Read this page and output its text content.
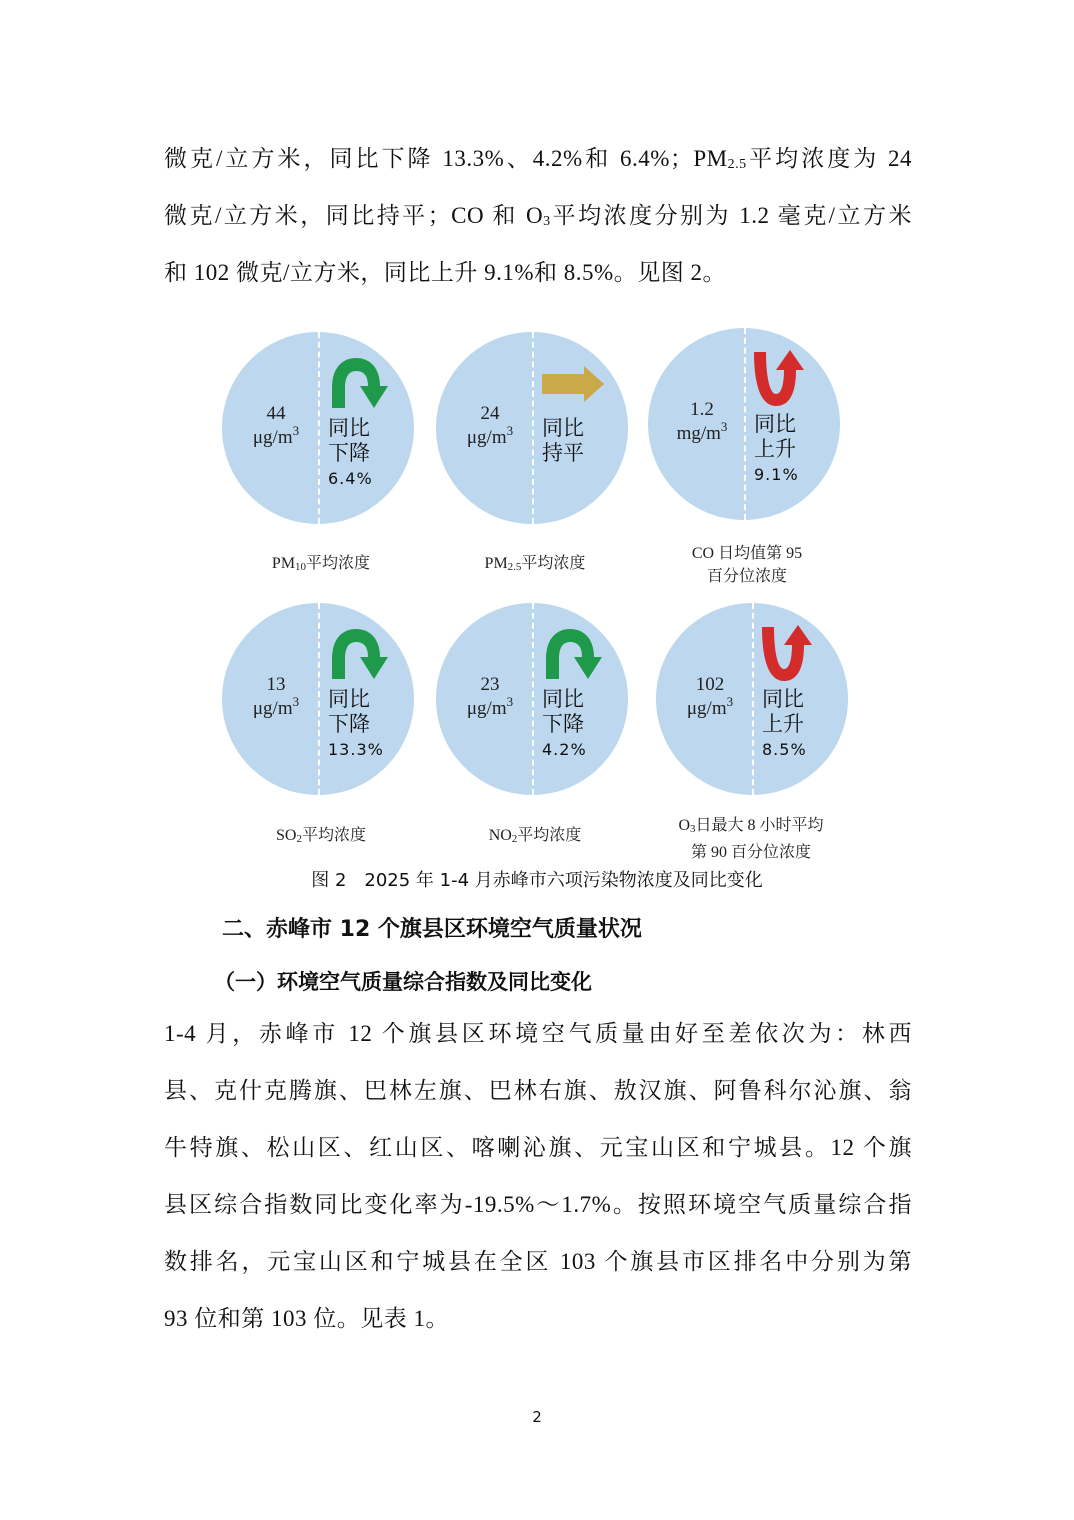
微克/立方米，同比下降 13.3%、4.2%和 6.4%；$PM_{2.5}$平均浓度为 24
微克/立方米，同比持平；CO 和 $O_3$平均浓度分别为 1.2 毫克/立方米
和 102 微克/立方米，同比上升 9.1%和 8.5%。见图 2。
44
$\mu g/m^3$	同比
下降
6.4%
$PM_{10}$平均浓度
24
$\mu g/m^3$	同比
持平
$PM_{2.5}$平均浓度
1.2
$mg/m^3$	同比
上升
9.1%
CO 日均值第 95
百分位浓度
13
$\mu g/m^3$	同比
下降
13.3%
$SO_2$平均浓度
23
$\mu g/m^3$	同比
下降
4.2%
$NO_2$平均浓度
102
$\mu g/m^3$	同比
上升
8.5%
$O_3$日最大 8 小时平均
第 90 百分位浓度
图 2　2025 年 1-4 月赤峰市六项污染物浓度及同比变化
二、赤峰市 12 个旗县区环境空气质量状况
（一）环境空气质量综合指数及同比变化
1-4 月，赤峰市 12 个旗县区环境空气质量由好至差依次为：林西
县、克什克腾旗、巴林左旗、巴林右旗、敖汉旗、阿鲁科尔沁旗、翁
牛特旗、松山区、红山区、喀喇沁旗、元宝山区和宁城县。12 个旗
县区综合指数同比变化率为-19.5%～1.7%。按照环境空气质量综合指
数排名，元宝山区和宁城县在全区 103 个旗县市区排名中分别为第
93 位和第 103 位。见表 1。
2
